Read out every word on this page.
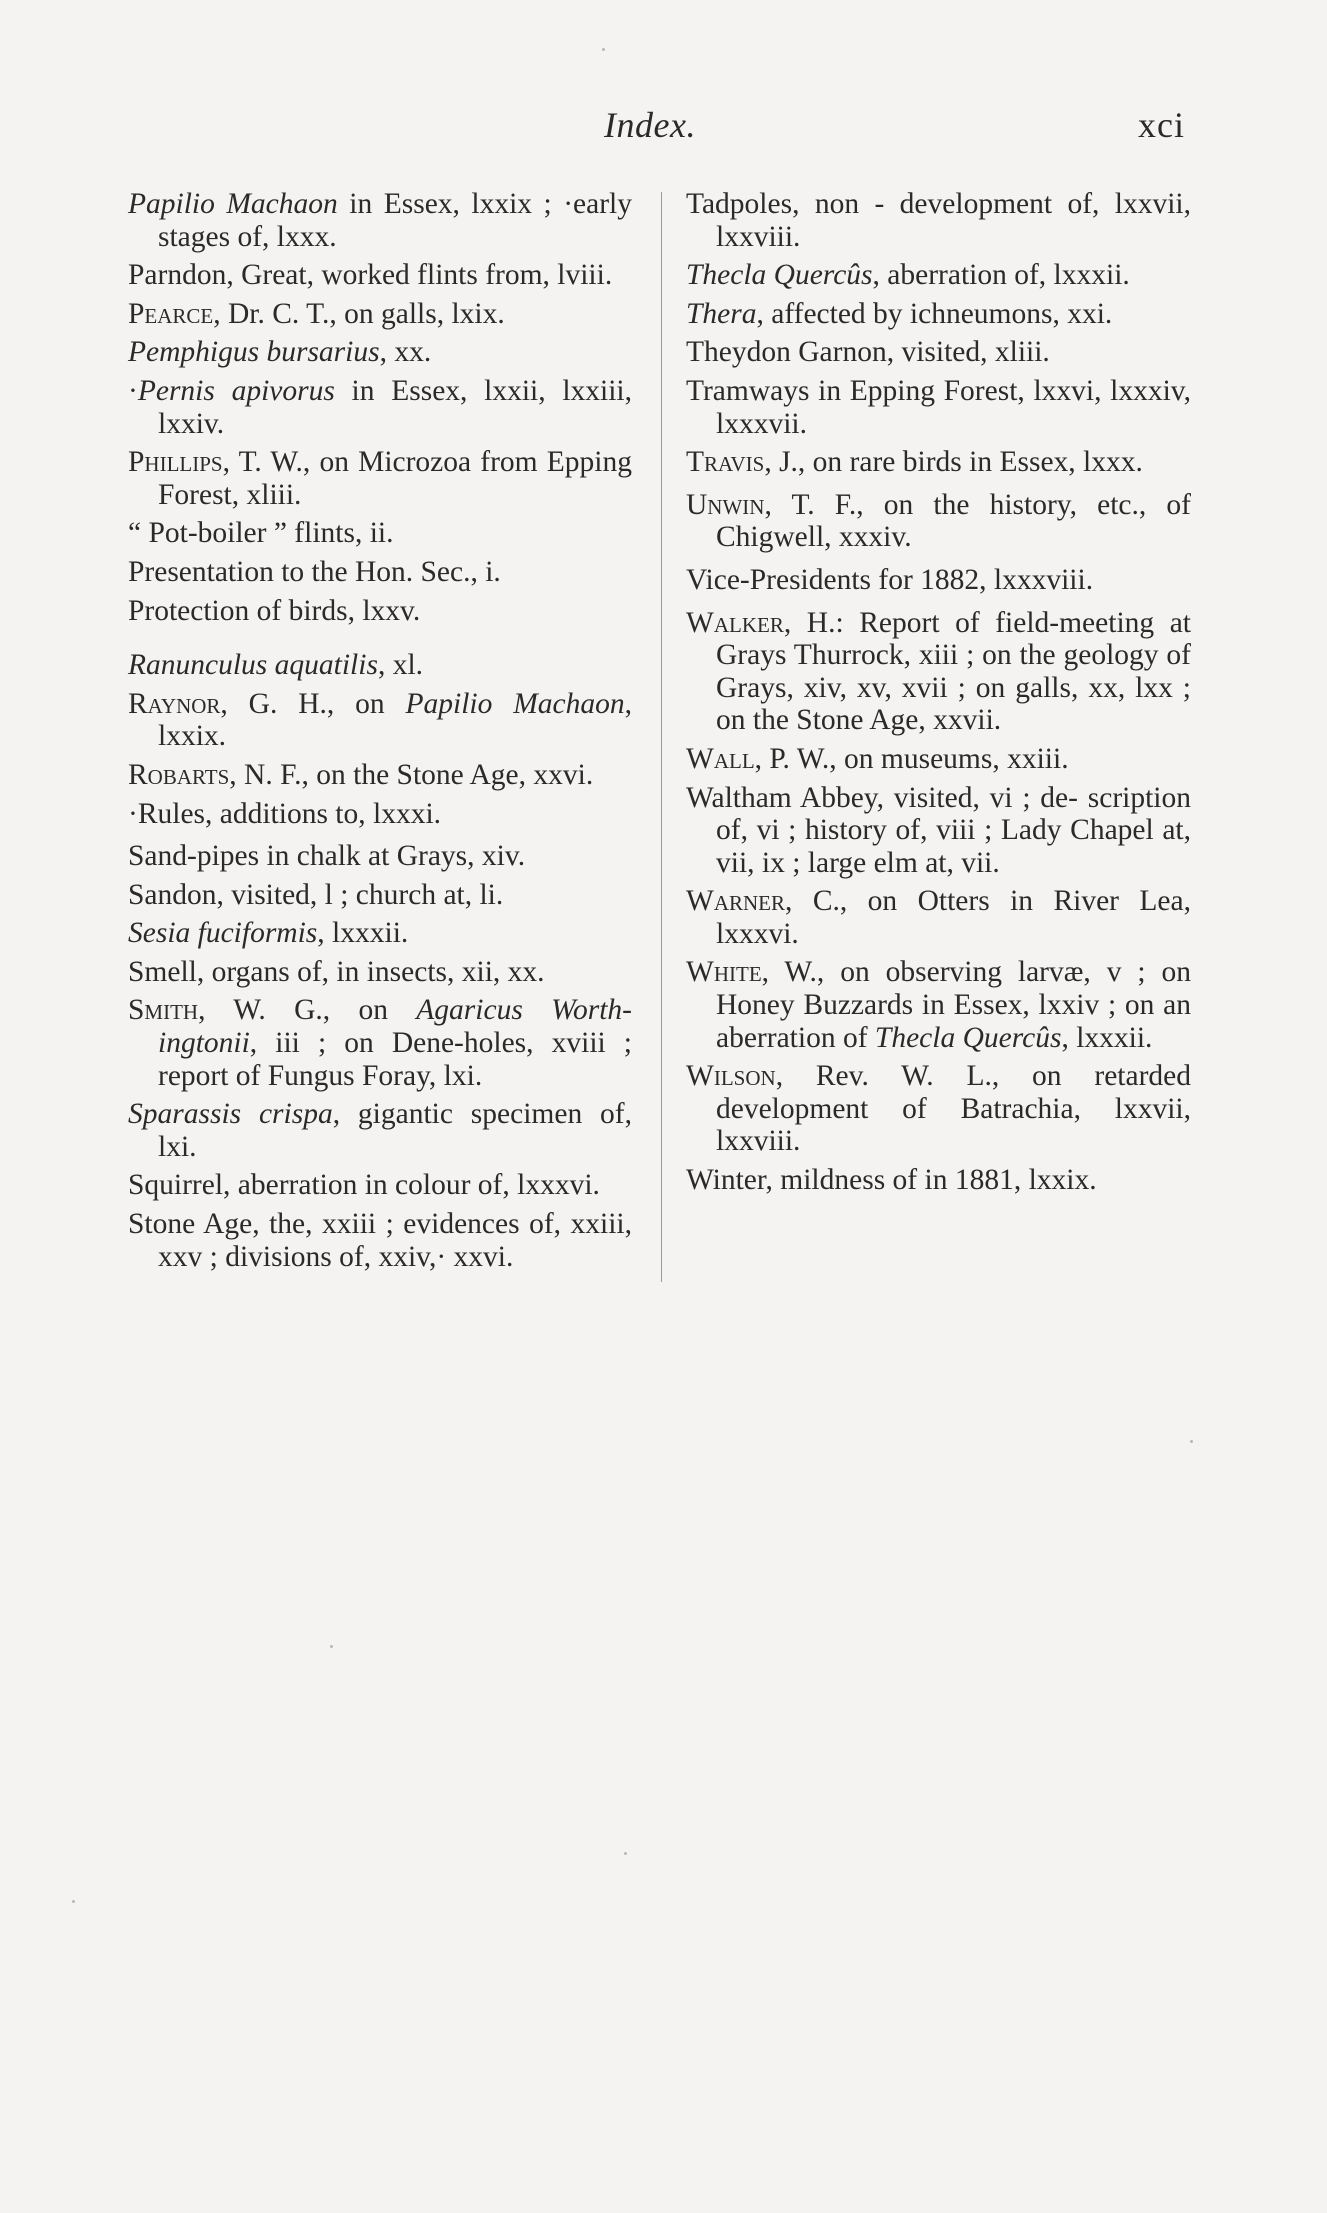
Index.	xci
Papilio Machaon in Essex, lxxix ; ·early stages of, lxxx.
Parndon, Great, worked flints from, lviii.
Pearce, Dr. C. T., on galls, lxix.
Pemphigus bursarius, xx.
·Pernis apivorus in Essex, lxxii, lxxiii, lxxiv.
Phillips, T. W., on Microzoa from Epping Forest, xliii.
“ Pot-boiler ” flints, ii.
Presentation to the Hon. Sec., i.
Protection of birds, lxxv.
Ranunculus aquatilis, xl.
Raynor, G. H., on Papilio Machaon, lxxix.
Robarts, N. F., on the Stone Age, xxvi.
·Rules, additions to, lxxxi.
Sand-pipes in chalk at Grays, xiv.
Sandon, visited, l ; church at, li.
Sesia fuciformis, lxxxii.
Smell, organs of, in insects, xii, xx.
Smith, W. G., on Agaricus Worth- ingtonii, iii ; on Dene-holes, xviii ; report of Fungus Foray, lxi.
Sparassis crispa, gigantic specimen of, lxi.
Squirrel, aberration in colour of, lxxxvi.
Stone Age, the, xxiii ; evidences of, xxiii, xxv ; divisions of, xxiv,· xxvi.
Tadpoles, non - development of, lxxvii, lxxviii.
Thecla Quercûs, aberration of, lxxxii.
Thera, affected by ichneumons, xxi.
Theydon Garnon, visited, xliii.
Tramways in Epping Forest, lxxvi, lxxxiv, lxxxvii.
Travis, J., on rare birds in Essex, lxxx.
Unwin, T. F., on the history, etc., of Chigwell, xxxiv.
Vice-Presidents for 1882, lxxxviii.
Walker, H.: Report of field-meeting at Grays Thurrock, xiii ; on the geology of Grays, xiv, xv, xvii ; on galls, xx, lxx ; on the Stone Age, xxvii.
Wall, P. W., on museums, xxiii.
Waltham Abbey, visited, vi ; de- scription of, vi ; history of, viii ; Lady Chapel at, vii, ix ; large elm at, vii.
Warner, C., on Otters in River Lea, lxxxvi.
White, W., on observing larvæ, v ; on Honey Buzzards in Essex, lxxiv ; on an aberration of Thecla Quercûs, lxxxii.
Wilson, Rev. W. L., on retarded development of Batrachia, lxxvii, lxxviii.
Winter, mildness of in 1881, lxxix.
